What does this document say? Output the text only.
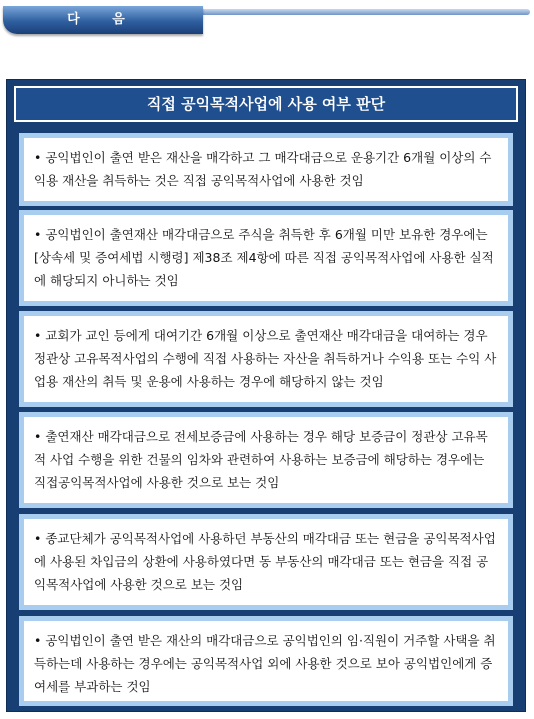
다 음
직접 공익목적사업에 사용 여부 판단

• 공익법인이 출연 받은 재산을 매각하고 그 매각대금으로 운용기간 6개월 이상의 수익용 재산을 취득하는 것은 직접 공익목적사업에 사용한 것임

• 공익법인이 출연재산 매각대금으로 주식을 취득한 후 6개월 미만 보유한 경우에는 [상속세 및 증여세법 시행령] 제38조 제4항에 따른 직접 공익목적사업에 사용한 실적에 해당되지 아니하는 것임

• 교회가 교인 등에게 대여기간 6개월 이상으로 출연재산 매각대금을 대여하는 경우 정관상 고유목적사업의 수행에 직접 사용하는 자산을 취득하거나 수익용 또는 수익 사업용 재산의 취득 및 운용에 사용하는 경우에 해당하지 않는 것임

• 출연재산 매각대금으로 전세보증금에 사용하는 경우 해당 보증금이 정관상 고유목적 사업 수행을 위한 건물의 임차와 관련하여 사용하는 보증금에 해당하는 경우에는 직접공익목적사업에 사용한 것으로 보는 것임

• 종교단체가 공익목적사업에 사용하던 부동산의 매각대금 또는 현금을 공익목적사업에 사용된 차입금의 상환에 사용하였다면 동 부동산의 매각대금 또는 현금을 직접 공익목적사업에 사용한 것으로 보는 것임

• 공익법인이 출연 받은 재산의 매각대금으로 공익법인의 임·직원이 거주할 사택을 취득하는데 사용하는 경우에는 공익목적사업 외에 사용한 것으로 보아 공익법인에게 증여세를 부과하는 것임
